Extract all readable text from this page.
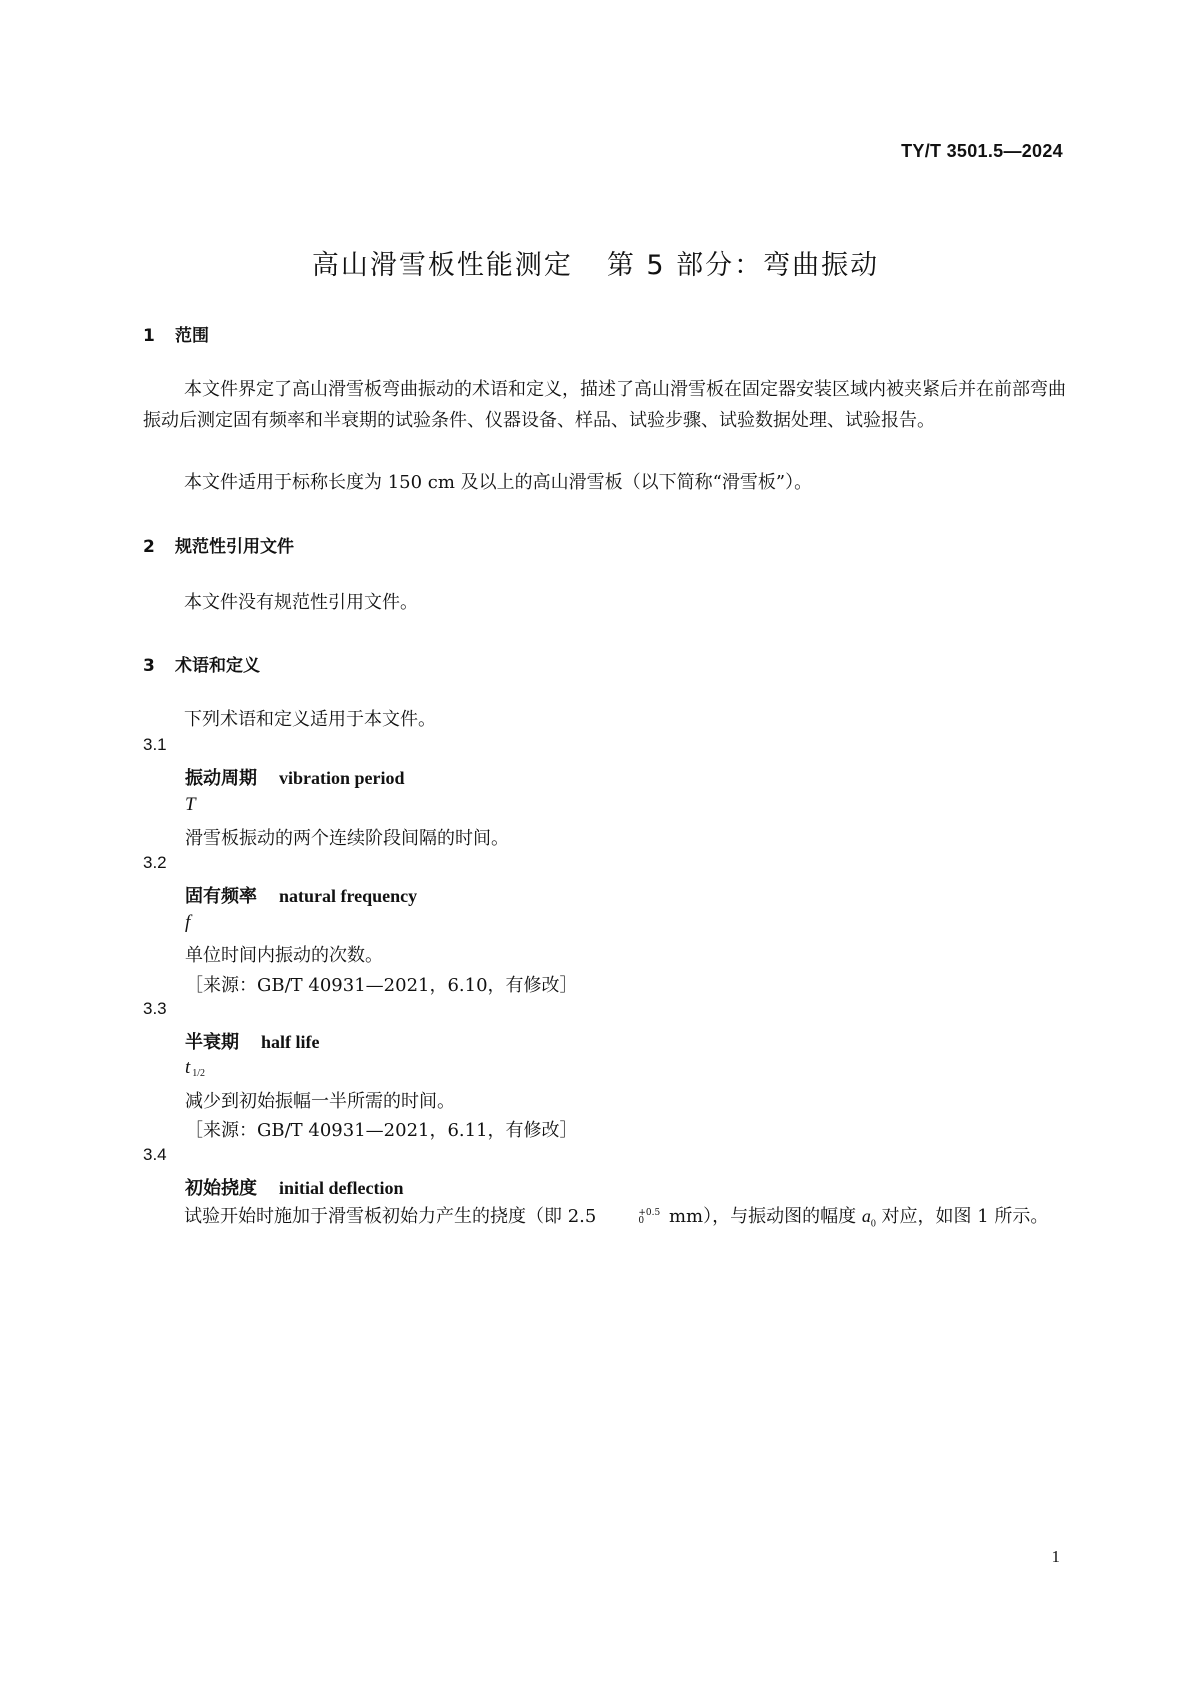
TY/T 3501.5—2024
高山滑雪板性能测定 第 5 部分：弯曲振动
1 范围
本文件界定了高山滑雪板弯曲振动的术语和定义，描述了高山滑雪板在固定器安装区域内被夹紧后并在前部弯曲振动后测定固有频率和半衰期的试验条件、仪器设备、样品、试验步骤、试验数据处理、试验报告。
本文件适用于标称长度为 150 cm 及以上的高山滑雪板（以下简称“滑雪板”）。
2 规范性引用文件
本文件没有规范性引用文件。
3 术语和定义
下列术语和定义适用于本文件。
3.1
振动周期 vibration period
T
滑雪板振动的两个连续阶段间隔的时间。
3.2
固有频率 natural frequency
f
单位时间内振动的次数。
［来源：GB/T 40931—2021，6.10，有修改］
3.3
半衰期 half life
t $_{1/2}$
减少到初始振幅一半所需的时间。
［来源：GB/T 40931—2021，6.11，有修改］
3.4
初始挠度 initial deflection
试验开始时施加于滑雪板初始力产生的挠度（即 2.5	+0.5
0	mm），与振动图的幅度 $a_0$ 对应，如图 1 所示。
1
